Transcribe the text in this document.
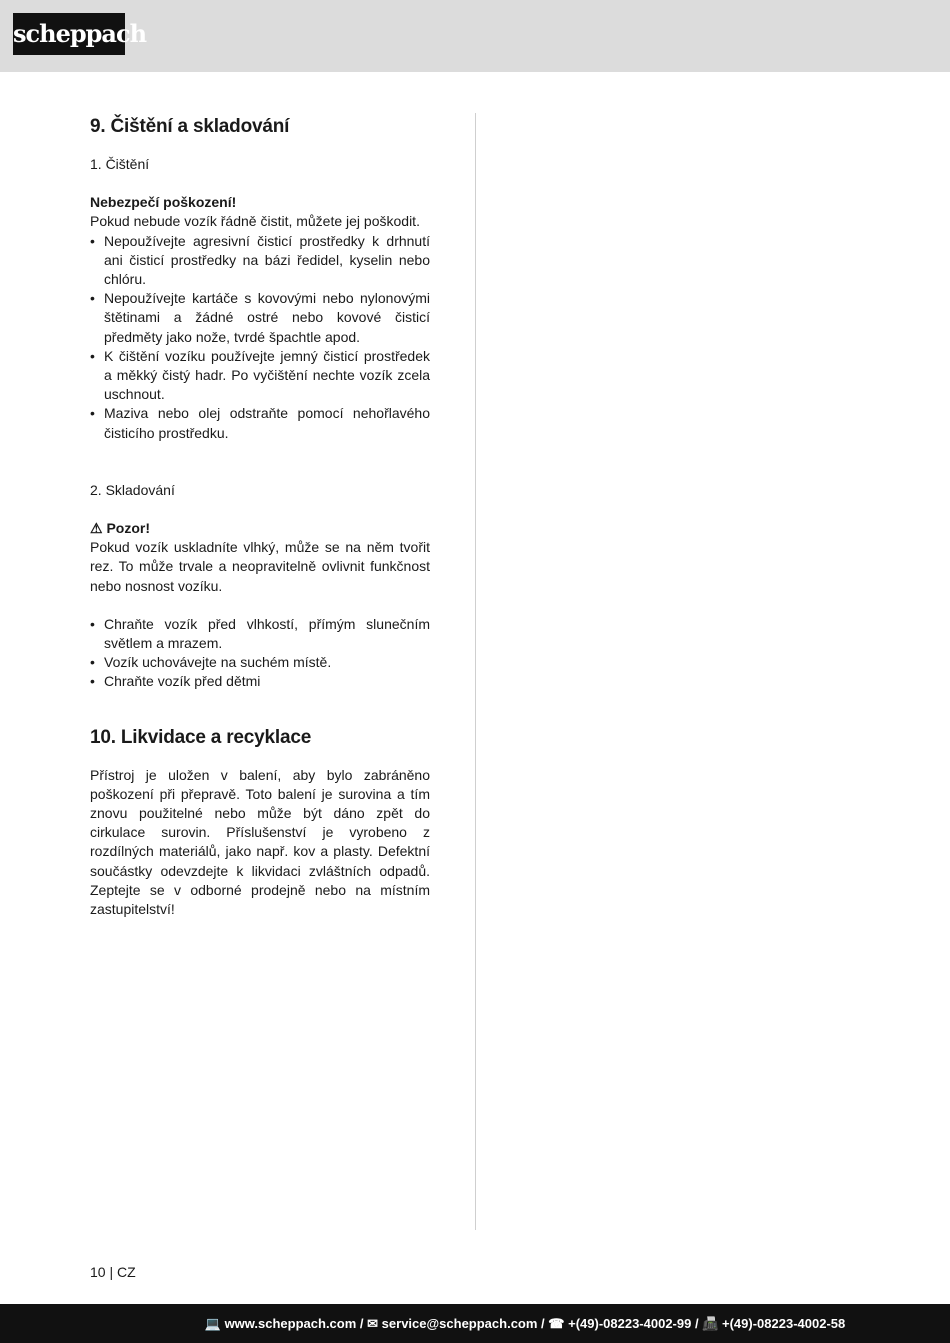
scheppach
9. Čištění a skladování
1. Čištění
Nebezpečí poškození!

Pokud nebude vozík řádně čistit, můžete jej poškodit.

• Nepoužívejte agresivní čisticí prostředky k drhnutí ani čisticí prostředky na bázi ředidel, kyselin nebo chlóru.
• Nepoužívejte kartáče s kovovými nebo nylonovými štětinami a žádné ostré nebo kovové čisticí předměty jako nože, tvrdé špachtle apod.
• K čištění vozíku používejte jemný čisticí prostředek a měkký čistý hadr. Po vyčištění nechte vozík zcela uschnout.
• Maziva nebo olej odstraňte pomocí nehořlavého čisticího prostředku.
2. Skladování
⚠ Pozor!

Pokud vozík uskladníte vlhký, může se na něm tvořit rez. To může trvale a neopravitelně ovlivnit funkčnost nebo nosnost vozíku.

• Chraňte vozík před vlhkostí, přímým slunečním světlem a mrazem.
• Vozík uchovávejte na suchém místě.
• Chraňte vozík před dětmi
10. Likvidace a recyklace

Přístroj je uložen v balení, aby bylo zabráněno poškození při přepravě. Toto balení je surovina a tím znovu použitelné nebo může být dáno zpět do cirkulace surovin. Příslušenství je vyrobeno z rozdílných materiálů, jako např. kov a plasty. Defektní součástky odevzdejte k likvidaci zvláštních odpadů. Zeptejte se v odborné prodejně nebo na místním zastupitelství!

10 | CZ
💻 www.scheppach.com / ✉ service@scheppach.com / ☎ +(49)-08223-4002-99 / 📠 +(49)-08223-4002-58
